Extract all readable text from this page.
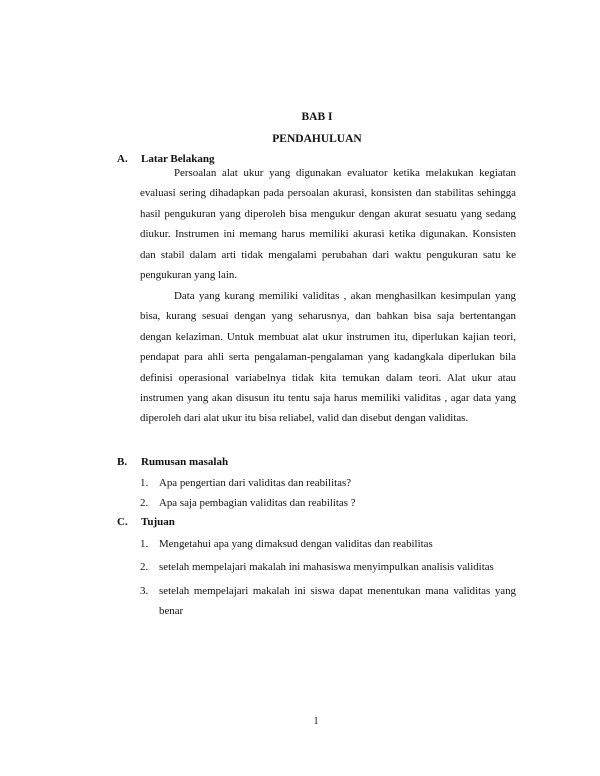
BAB I
PENDAHULUAN
A. Latar Belakang

Persoalan alat ukur yang digunakan evaluator ketika melakukan kegiatan evaluasi sering dihadapkan pada persoalan akurasi, konsisten dan stabilitas sehingga hasil pengukuran yang diperoleh bisa mengukur dengan akurat sesuatu yang sedang diukur. Instrumen ini memang harus memiliki akurasi ketika digunakan. Konsisten dan stabil dalam arti tidak mengalami perubahan dari waktu pengukuran satu ke pengukuran yang lain.

Data yang kurang memiliki validitas , akan menghasilkan kesimpulan yang bisa, kurang sesuai dengan yang seharusnya, dan bahkan bisa saja bertentangan dengan kelaziman. Untuk membuat alat ukur instrumen itu, diperlukan kajian teori, pendapat para ahli serta pengalaman-pengalaman yang kadangkala diperlukan bila definisi operasional variabelnya tidak kita temukan dalam teori. Alat ukur atau instrumen yang akan disusun itu tentu saja harus memiliki validitas , agar data yang diperoleh dari alat ukur itu bisa reliabel, valid dan disebut dengan validitas.

B. Rumusan masalah
1. Apa pengertian dari validitas dan reabilitas?
2. Apa saja pembagian validitas dan reabilitas ?
C. Tujuan
1. Mengetahui apa yang dimaksud dengan validitas dan reabilitas
2. setelah mempelajari makalah ini mahasiswa menyimpulkan analisis validitas
3. setelah mempelajari makalah ini siswa dapat menentukan mana validitas yang benar
1
